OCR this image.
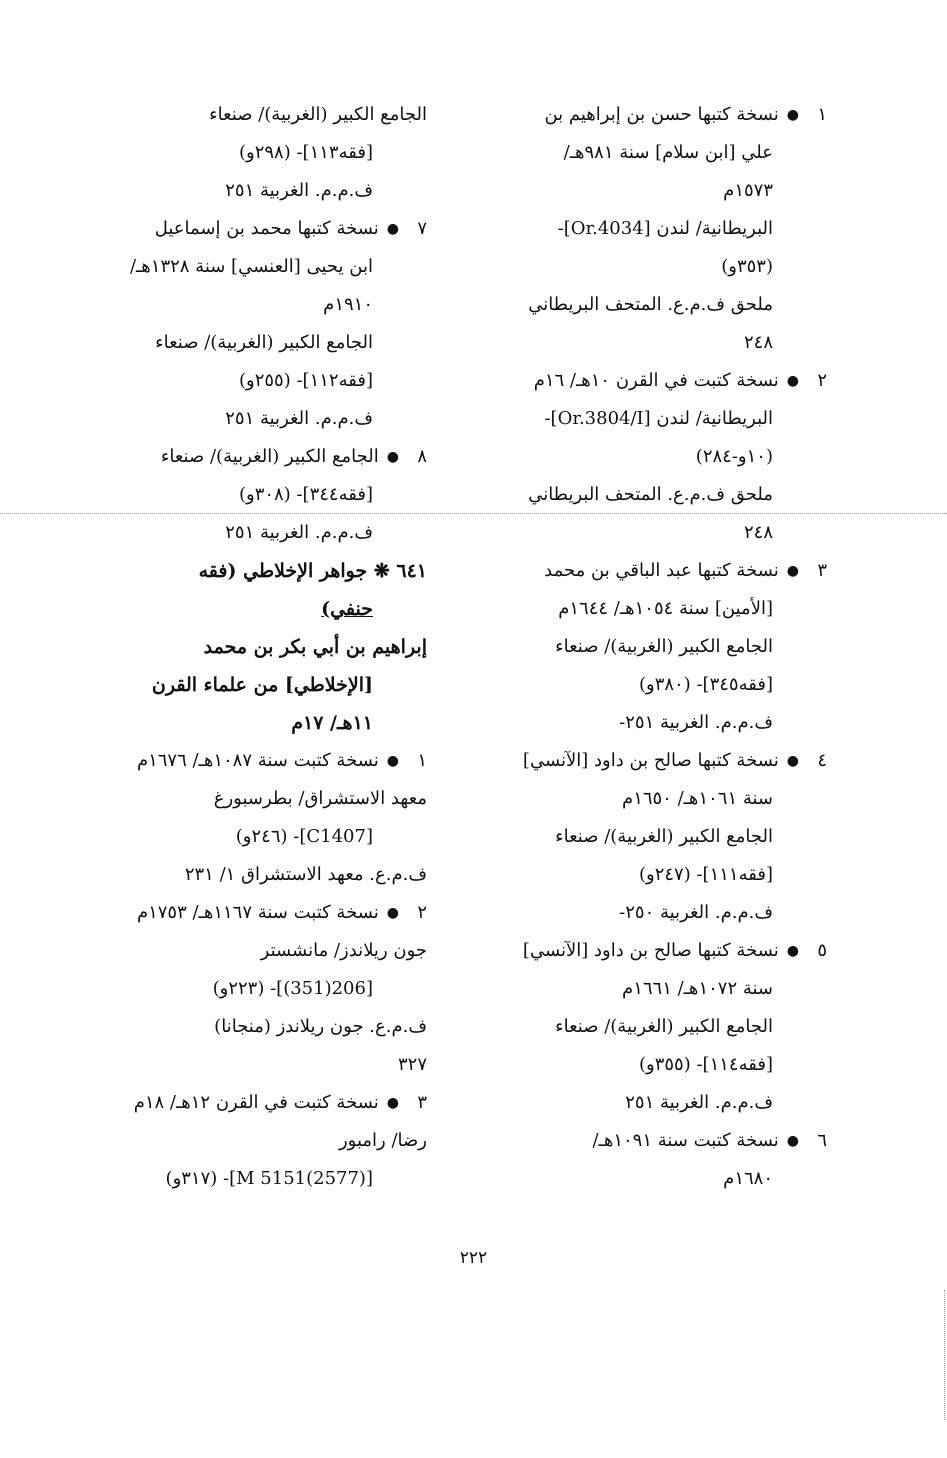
١●نسخة كتبها حسن بن إبراهيم بن
علي [ابن سلام] سنة ٩٨١هـ/
١٥٧٣م
البريطانية/ لندن [Or.4034]-
(٣٥٣و)
ملحق ف.م.ع. المتحف البريطاني
٢٤٨
٢●نسخة كتبت في القرن ١٠هـ/ ١٦م
البريطانية/ لندن [Or.3804/I]-
(١٠و-٢٨٤)
ملحق ف.م.ع. المتحف البريطاني
٢٤٨
٣●نسخة كتبها عبد الباقي بن محمد
[الأمين] سنة ١٠٥٤هـ/ ١٦٤٤م
الجامع الكبير (الغربية)/ صنعاء
[فقه٣٤٥]- (٣٨٠و)
ف.م.م. الغربية ٢٥١-
٤●نسخة كتبها صالح بن داود [الآنسي]
سنة ١٠٦١هـ/ ١٦٥٠م
الجامع الكبير (الغربية)/ صنعاء
[فقه١١١]- (٢٤٧و)
ف.م.م. الغربية ٢٥٠-
٥●نسخة كتبها صالح بن داود [الآنسي]
سنة ١٠٧٢هـ/ ١٦٦١م
الجامع الكبير (الغربية)/ صنعاء
[فقه١١٤]- (٣٥٥و)
ف.م.م. الغربية ٢٥١
٦●نسخة كتبت سنة ١٠٩١هـ/
١٦٨٠م
الجامع الكبير (الغربية)/ صنعاء
[فقه١١٣]- (٢٩٨و)
ف.م.م. الغربية ٢٥١
٧●نسخة كتبها محمد بن إسماعيل
ابن يحيى [العنسي] سنة ١٣٢٨هـ/
١٩١٠م
الجامع الكبير (الغربية)/ صنعاء
[فقه١١٢]- (٢٥٥و)
ف.م.م. الغربية ٢٥١
٨●الجامع الكبير (الغربية)/ صنعاء
[فقه٣٤٤]- (٣٠٨و)
ف.م.م. الغربية ٢٥١
٦٤١ ❋ جواهر الإخلاطي (فقه
حنفي)
إبراهيم بن أبي بكر بن محمد
[الإخلاطي] من علماء القرن
١١هـ/ ١٧م
١●نسخة كتبت سنة ١٠٨٧هـ/ ١٦٧٦م
معهد الاستشراق/ بطرسبورغ
[C1407]- (٢٤٦و)
ف.م.ع. معهد الاستشراق ١/ ٢٣١
٢●نسخة كتبت سنة ١١٦٧هـ/ ١٧٥٣م
جون ريلاندز/ مانشستر
[206(351)]- (٢٢٣و)
ف.م.ع. جون ريلاندز (منجانا)
٣٢٧
٣●نسخة كتبت في القرن ١٢هـ/ ١٨م
رضا/ رامبور
[M 5151(2577)]- (٣١٧و)
٢٢٢
